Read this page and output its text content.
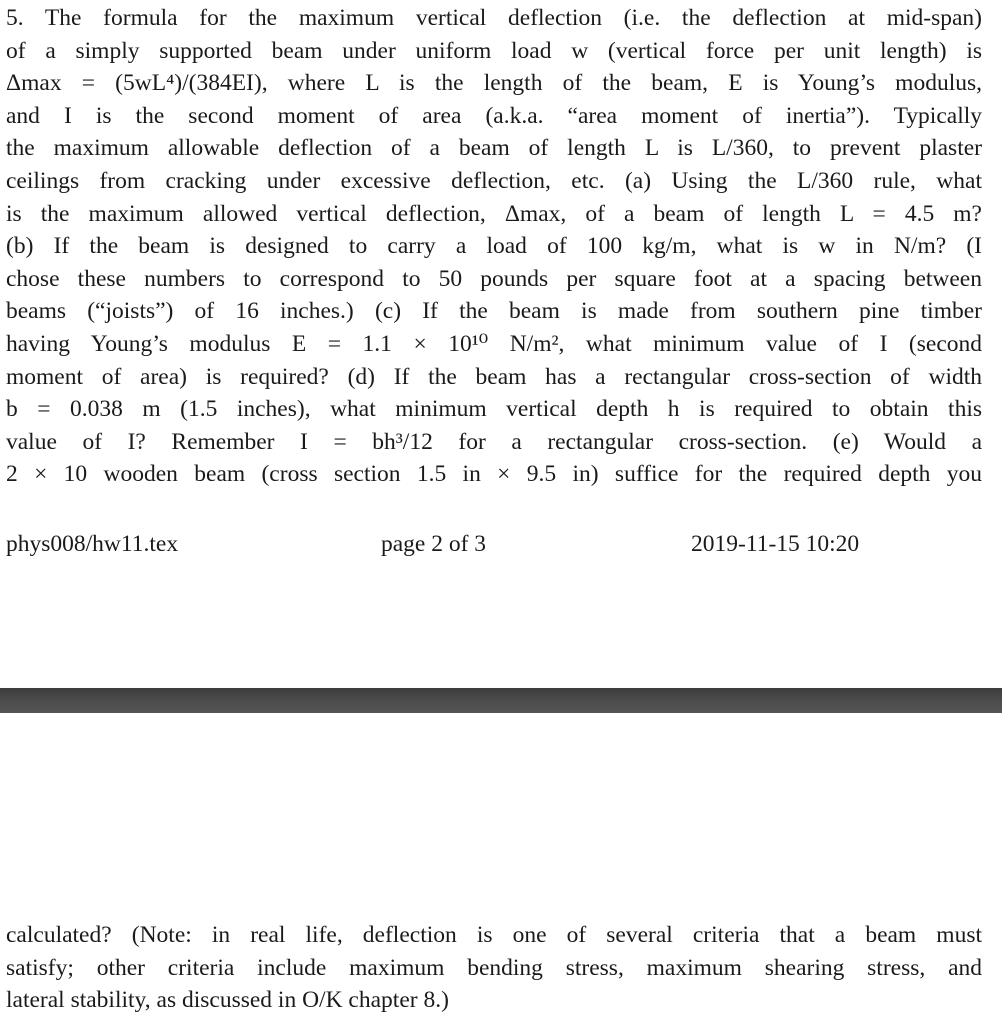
5. The formula for the maximum vertical deflection (i.e. the deflection at mid-span)
of a simply supported beam under uniform load w (vertical force per unit length) is
Δmax = (5wL⁴)/(384EI), where L is the length of the beam, E is Young’s modulus,
and I is the second moment of area (a.k.a. “area moment of inertia”). Typically
the maximum allowable deflection of a beam of length L is L/360, to prevent plaster
ceilings from cracking under excessive deflection, etc. (a) Using the L/360 rule, what
is the maximum allowed vertical deflection, Δmax, of a beam of length L = 4.5 m?
(b) If the beam is designed to carry a load of 100 kg/m, what is w in N/m? (I
chose these numbers to correspond to 50 pounds per square foot at a spacing between
beams (“joists”) of 16 inches.) (c) If the beam is made from southern pine timber
having Young’s modulus E = 1.1 × 10¹⁰ N/m², what minimum value of I (second
moment of area) is required? (d) If the beam has a rectangular cross-section of width
b = 0.038 m (1.5 inches), what minimum vertical depth h is required to obtain this
value of I? Remember I = bh³/12 for a rectangular cross-section. (e) Would a
2 × 10 wooden beam (cross section 1.5 in × 9.5 in) suffice for the required depth you
phys008/hw11.tex	page 2 of 3	2019-11-15 10:20
calculated? (Note: in real life, deflection is one of several criteria that a beam must
satisfy; other criteria include maximum bending stress, maximum shearing stress, and
lateral stability, as discussed in O/K chapter 8.)
